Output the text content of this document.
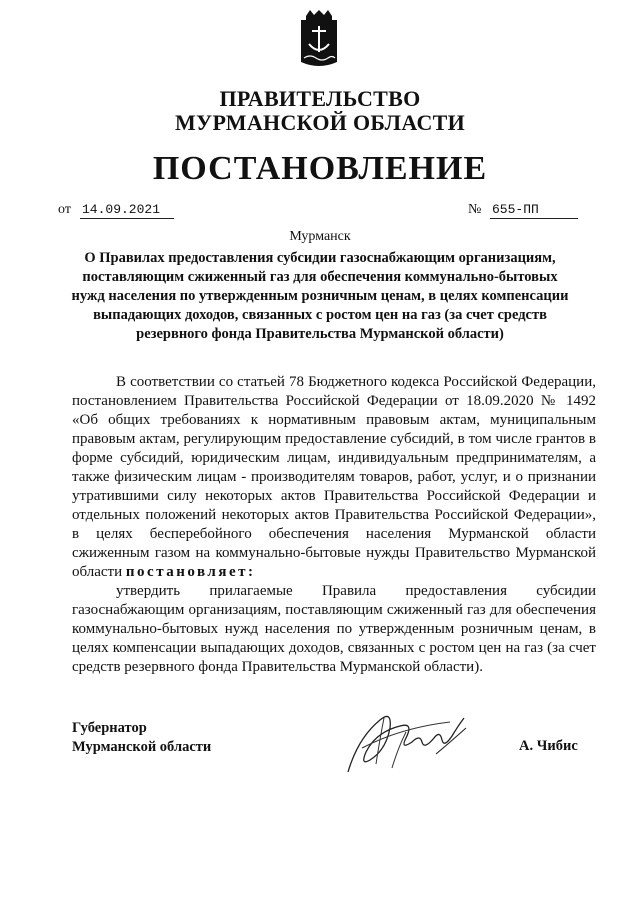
ПРАВИТЕЛЬСТВО
МУРМАНСКОЙ ОБЛАСТИ
ПОСТАНОВЛЕНИЕ
от 14.09.2021	№ 655-ПП
Мурманск
О Правилах предоставления субсидии газоснабжающим организациям, поставляющим сжиженный газ для обеспечения коммунально-бытовых нужд населения по утвержденным розничным ценам, в целях компенсации выпадающих доходов, связанных с ростом цен на газ (за счет средств резервного фонда Правительства Мурманской области)

В соответствии со статьей 78 Бюджетного кодекса Российской Федерации, постановлением Правительства Российской Федерации от 18.09.2020 № 1492 «Об общих требованиях к нормативным правовым актам, муниципальным правовым актам, регулирующим предоставление субсидий, в том числе грантов в форме субсидий, юридическим лицам, индивидуальным предпринимателям, а также физическим лицам - производителям товаров, работ, услуг, и о признании утратившими силу некоторых актов Правительства Российской Федерации и отдельных положений некоторых актов Правительства Российской Федерации», в целях бесперебойного обеспечения населения Мурманской области сжиженным газом на коммунально-бытовые нужды Правительство Мурманской области постановляет:

утвердить прилагаемые Правила предоставления субсидии газоснабжающим организациям, поставляющим сжиженный газ для обеспечения коммунально-бытовых нужд населения по утвержденным розничным ценам, в целях компенсации выпадающих доходов, связанных с ростом цен на газ (за счет средств резервного фонда Правительства Мурманской области).

Губернатор
Мурманской области	А. Чибис
